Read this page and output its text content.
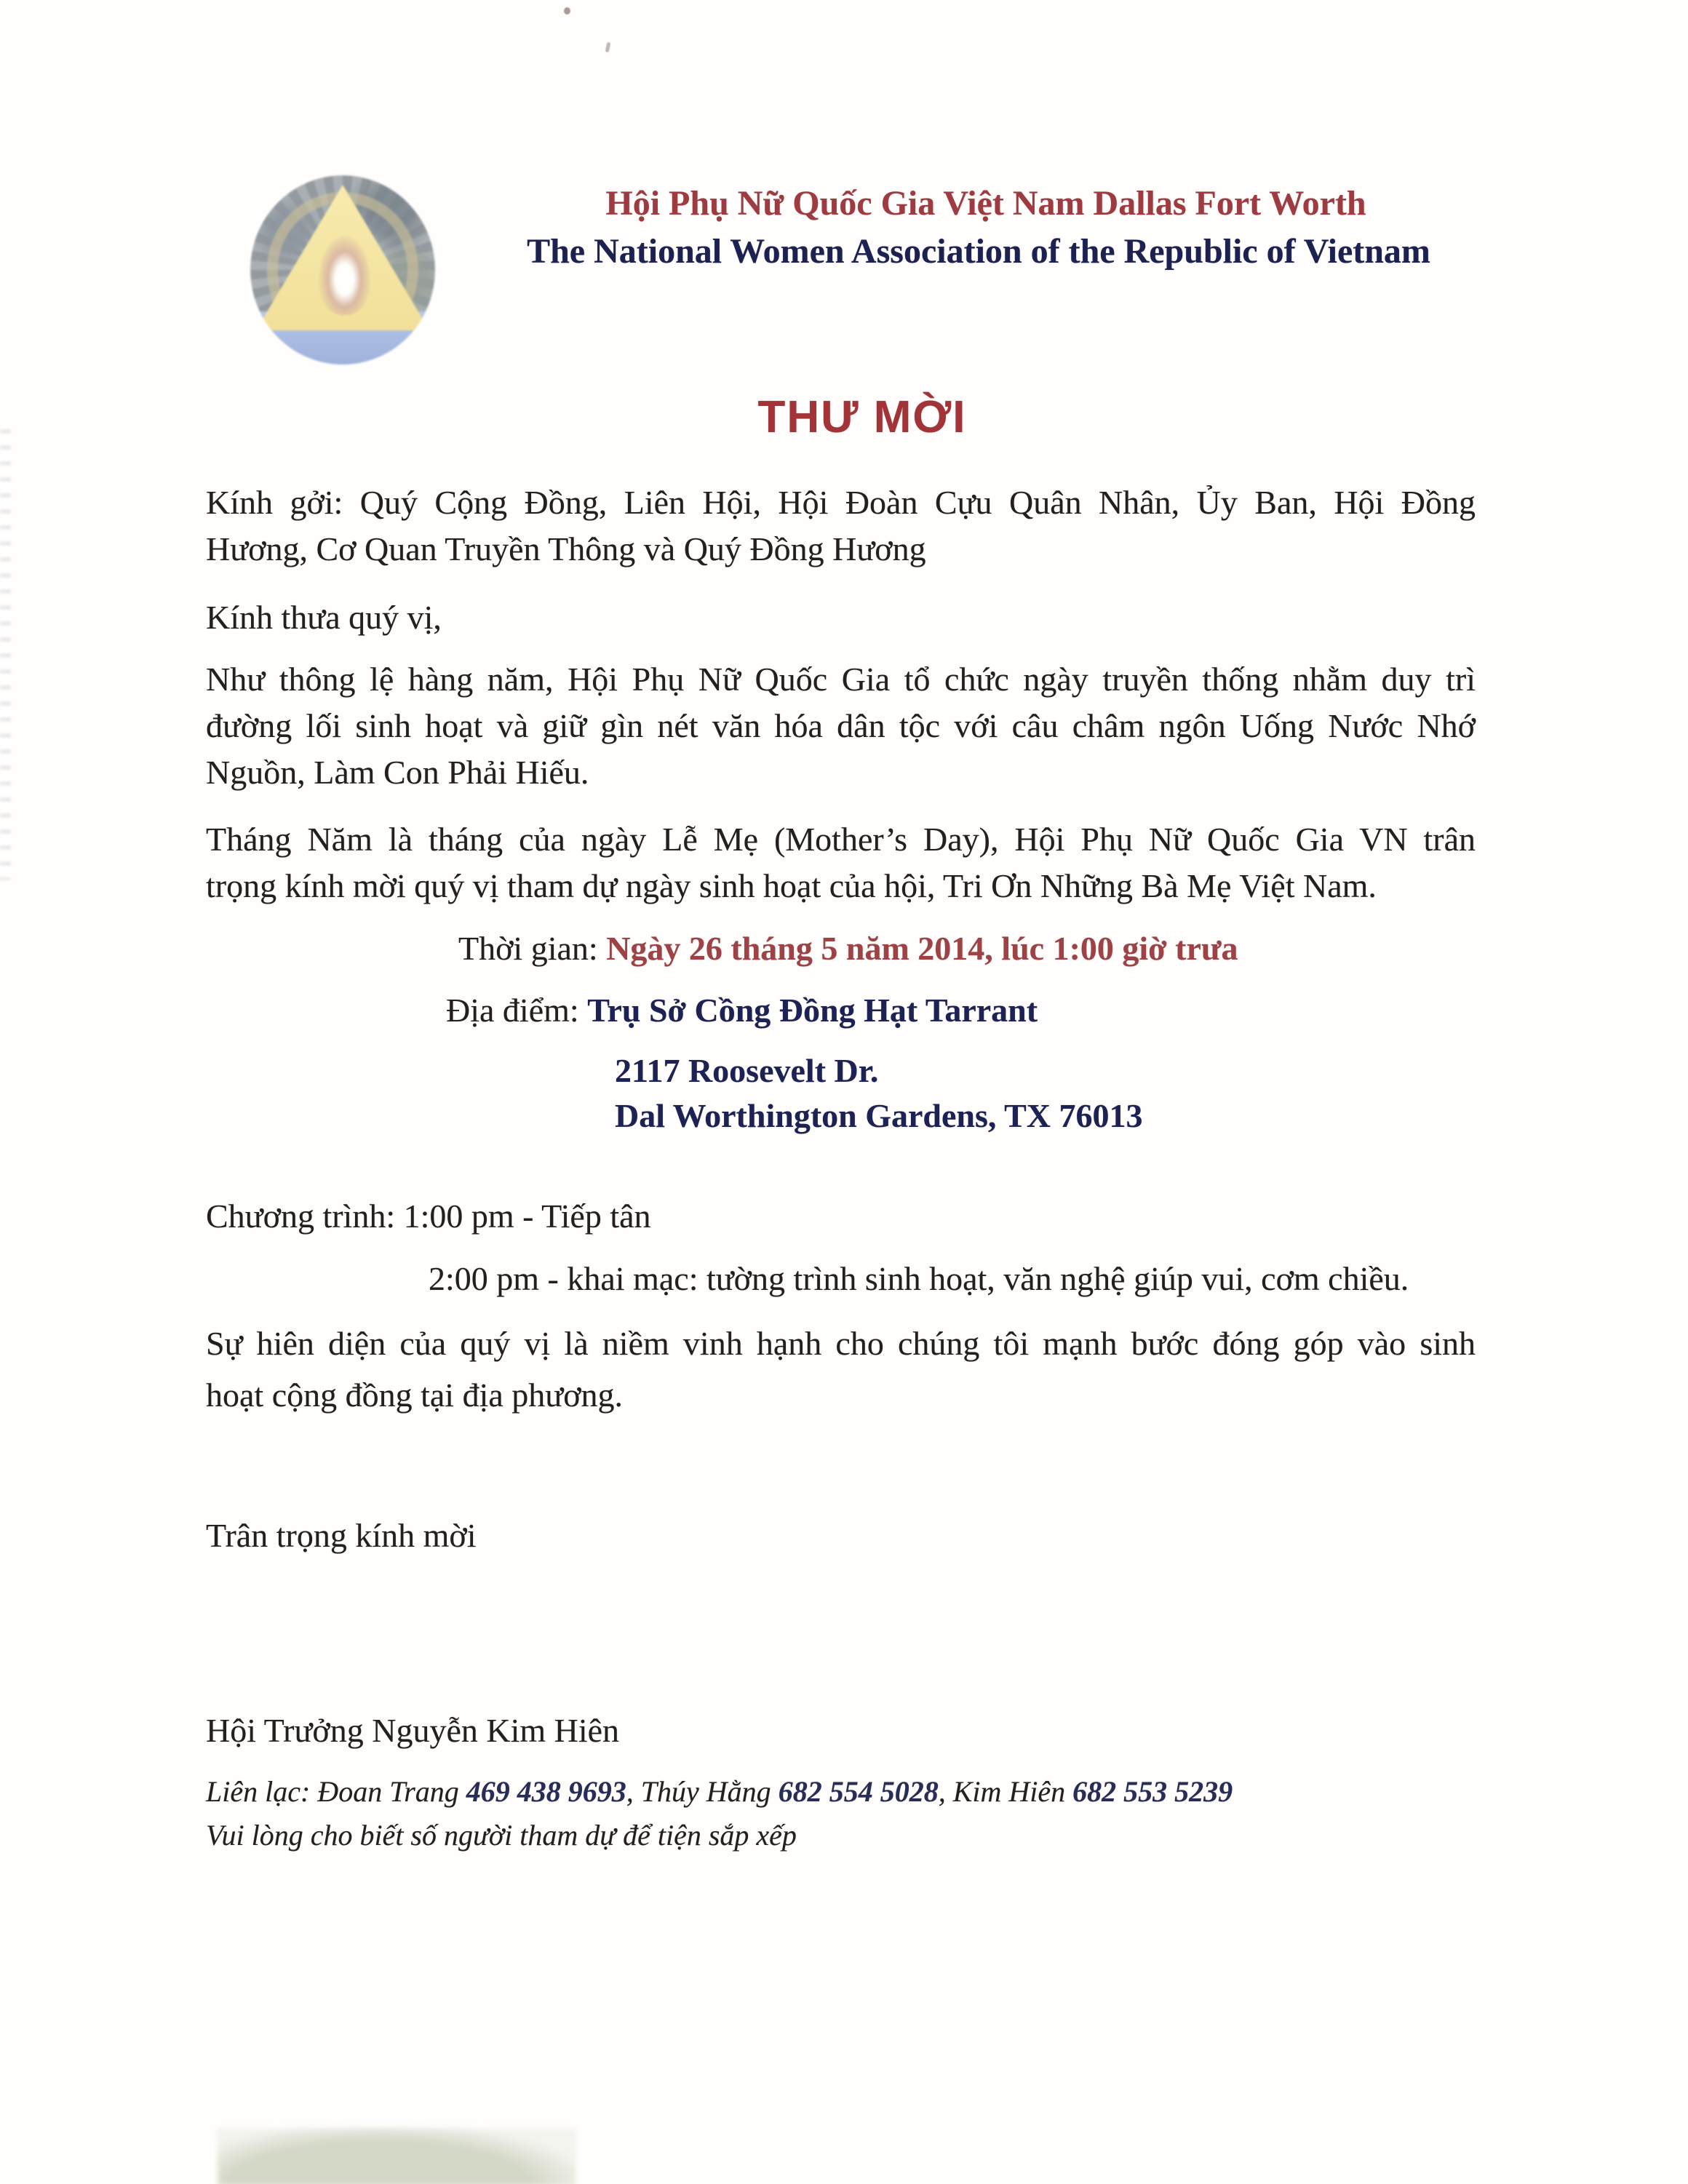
Hội Phụ Nữ Quốc Gia Việt Nam Dallas Fort Worth
The National Women Association of the Republic of Vietnam
THƯ MỜI
Kính gởi: Quý Cộng Đồng, Liên Hội, Hội Đoàn Cựu Quân Nhân, Ủy Ban, Hội Đồng
Hương, Cơ Quan Truyền Thông và Quý Đồng Hương
Kính thưa quý vị,
Như thông lệ hàng năm, Hội Phụ Nữ Quốc Gia tổ chức ngày truyền thống nhằm duy trì
đường lối sinh hoạt và giữ gìn nét văn hóa dân tộc với câu châm ngôn Uống Nước Nhớ
Nguồn, Làm Con Phải Hiếu.
Tháng Năm là tháng của ngày Lễ Mẹ (Mother’s Day), Hội Phụ Nữ Quốc Gia VN trân
trọng kính mời quý vị tham dự ngày sinh hoạt của hội, Tri Ơn Những Bà Mẹ Việt Nam.
Thời gian: Ngày 26 tháng 5 năm 2014, lúc 1:00 giờ trưa
Địa điểm: Trụ Sở Cồng Đồng Hạt Tarrant
2117 Roosevelt Dr.
Dal Worthington Gardens, TX 76013
Chương trình: 1:00 pm - Tiếp tân
2:00 pm - khai mạc: tường trình sinh hoạt, văn nghệ giúp vui, cơm chiều.
Sự hiên diện của quý vị là niềm vinh hạnh cho chúng tôi mạnh bước đóng góp vào sinh
hoạt cộng đồng tại địa phương.
Trân trọng kính mời
Hội Trưởng Nguyễn Kim Hiên
Liên lạc: Đoan Trang 469 438 9693, Thúy Hằng 682 554 5028, Kim Hiên 682 553 5239
Vui lòng cho biết số người tham dự để tiện sắp xếp
